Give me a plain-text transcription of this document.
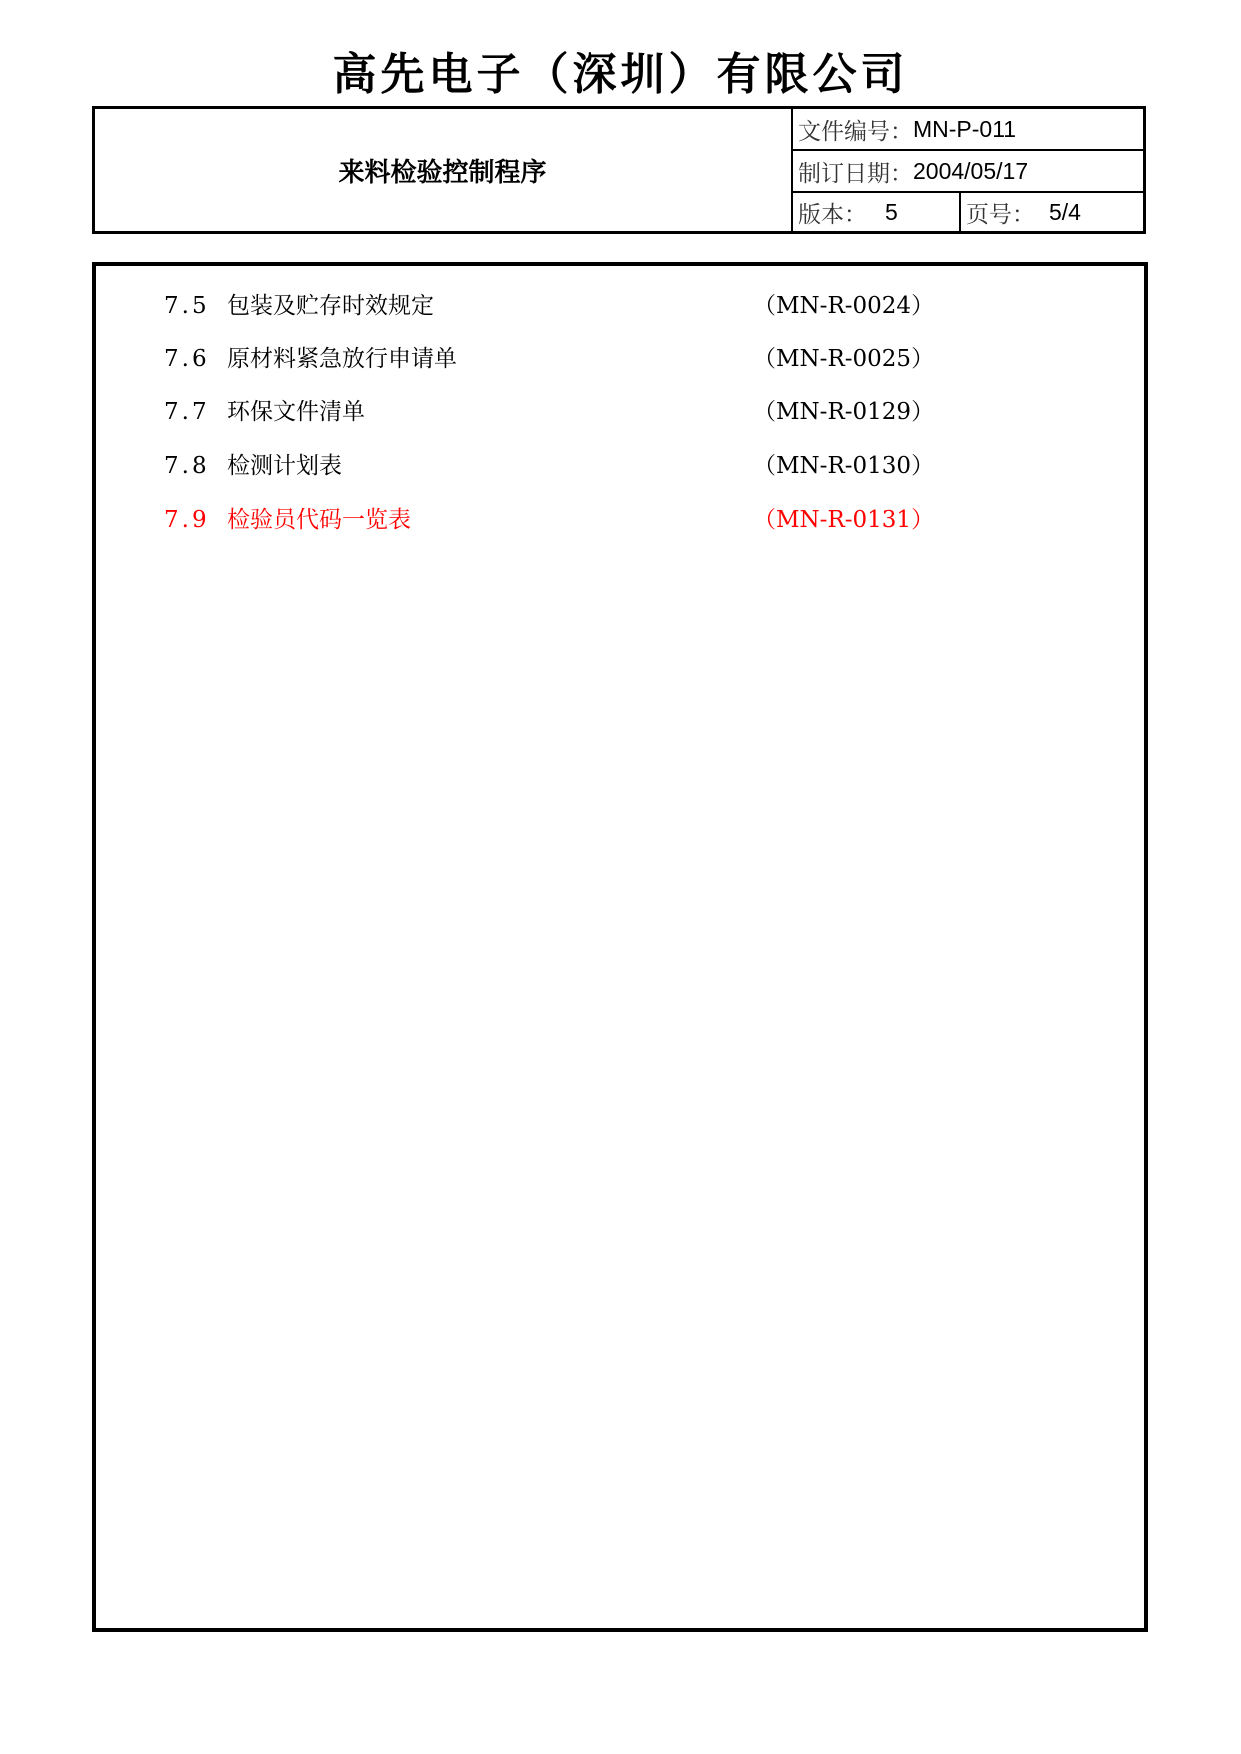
高先电子（深圳）有限公司
来料检验控制程序
文件编号： MN-P-011
制订日期： 2004/05/17
版本： 5	页号： 5/4
7.5 包装及贮存时效规定	（MN-R-0024）
7.6 原材料紧急放行申请单	（MN-R-0025）
7.7 环保文件清单	（MN-R-0129）
7.8 检测计划表	（MN-R-0130）
7.9 检验员代码一览表	（MN-R-0131）
